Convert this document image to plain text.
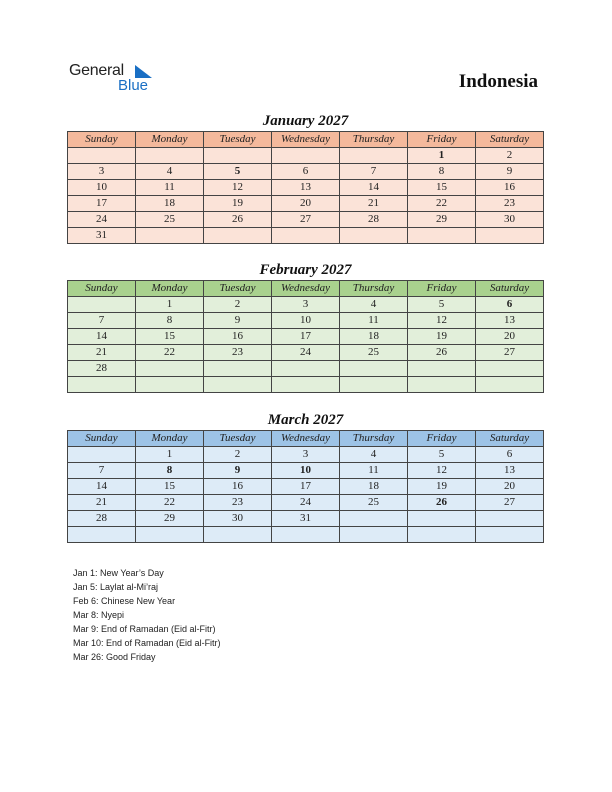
General
Blue	Indonesia
January 2027
Sunday	Monday	Tuesday	Wednesday	Thursday	Friday	Saturday
					1	2
3	4	5	6	7	8	9
10	11	12	13	14	15	16
17	18	19	20	21	22	23
24	25	26	27	28	29	30
31						
February 2027
Sunday	Monday	Tuesday	Wednesday	Thursday	Friday	Saturday
	1	2	3	4	5	6
7	8	9	10	11	12	13
14	15	16	17	18	19	20
21	22	23	24	25	26	27
28						

March 2027
Sunday	Monday	Tuesday	Wednesday	Thursday	Friday	Saturday
	1	2	3	4	5	6
7	8	9	10	11	12	13
14	15	16	17	18	19	20
21	22	23	24	25	26	27
28	29	30	31			

Jan 1: New Year’s Day
Jan 5: Laylat al-Mi’raj
Feb 6: Chinese New Year
Mar 8: Nyepi
Mar 9: End of Ramadan (Eid al-Fitr)
Mar 10: End of Ramadan (Eid al-Fitr)
Mar 26: Good Friday
